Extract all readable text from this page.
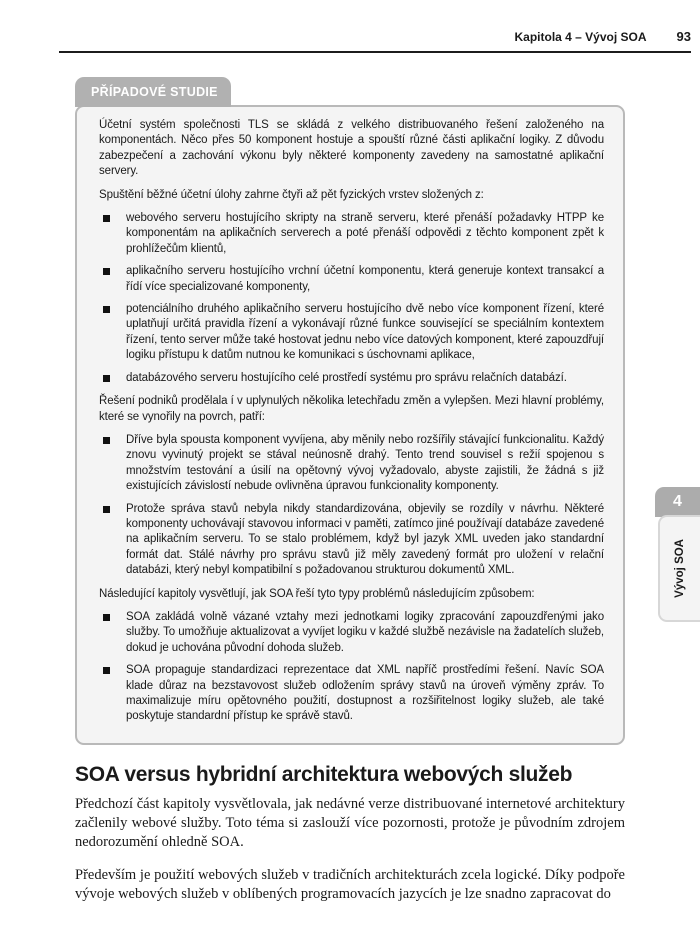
Kapitola 4 – Vývoj SOA 93
PŘÍPADOVÉ STUDIE

Účetní systém společnosti TLS se skládá z velkého distribuovaného řešení založeného na komponentách. Něco přes 50 komponent hostuje a spouští různé části aplikační logiky. Z důvodu zabezpečení a zachování výkonu byly některé komponenty zavedeny na samostatné aplikační servery.

Spuštění běžné účetní úlohy zahrne čtyři až pět fyzických vrstev složených z:

webového serveru hostujícího skripty na straně serveru, které přenáší požadavky HTPP ke komponentám na aplikačních serverech a poté přenáší odpovědi z těchto komponent zpět k prohlížečům klientů,
aplikačního serveru hostujícího vrchní účetní komponentu, která generuje kontext transakcí a řídí více specializované komponenty,
potenciálního druhého aplikačního serveru hostujícího dvě nebo více komponent řízení, které uplatňují určitá pravidla řízení a vykonávají různé funkce související se speciálním kontextem řízení, tento server může také hostovat jednu nebo více datových komponent, které zapouzdřují logiku přístupu k datům nutnou ke komunikaci s úschovnami aplikace,
databázového serveru hostujícího celé prostředí systému pro správu relačních databází.

Řešení podniků prodělala í v uplynulých několika letechřadu změn a vylepšen. Mezi hlavní problémy, které se vynořily na povrch, patří:

Dříve byla spousta komponent vyvíjena, aby měnily nebo rozšířily stávající funkcionalitu. Každý znovu vyvinutý projekt se stával neúnosně drahý. Tento trend souvisel s režií spojenou s množstvím testování a úsilí na opětovný vývoj vyžadovalo, abyste zajistili, že žádná s již existujících závislostí nebude ovlivněna úpravou funkcionality komponenty.
Protože správa stavů nebyla nikdy standardizována, objevily se rozdíly v návrhu. Některé komponenty uchovávají stavovou informaci v paměti, zatímco jiné používají databáze zavedené na aplikačním serveru. To se stalo problémem, když byl jazyk XML uveden jako standardní formát dat. Stálé návrhy pro správu stavů již měly zavedený formát pro uložení v relační databázi, který nebyl kompatibilní s požadovanou strukturou dokumentů XML.

Následující kapitoly vysvětlují, jak SOA řeší tyto typy problémů následujícím způsobem:

SOA zakládá volně vázané vztahy mezi jednotkami logiky zpracování zapouzdřenými jako služby. To umožňuje aktualizovat a vyvíjet logiku v každé službě nezávisle na žadatelích služeb, dokud je uchována původní dohoda služeb.
SOA propaguje standardizaci reprezentace dat XML napříč prostředími řešení. Navíc SOA klade důraz na bezstavovost služeb odložením správy stavů na úroveň výměny zpráv. To maximalizuje míru opětovného použití, dostupnost a rozšiřitelnost logiky služeb, ale také poskytuje standardní přístup ke správě stavů.
SOA versus hybridní architektura webových služeb

Předchozí část kapitoly vysvětlovala, jak nedávné verze distribuované internetové architektury začlenily webové služby. Toto téma si zaslouží více pozornosti, protože je původním zdrojem nedorozumění ohledně SOA.

Především je použití webových služeb v tradičních architekturách zcela logické. Díky podpoře vývoje webových služeb v oblíbených programovacích jazycích je lze snadno zapracovat do

4
Vývoj SOA
